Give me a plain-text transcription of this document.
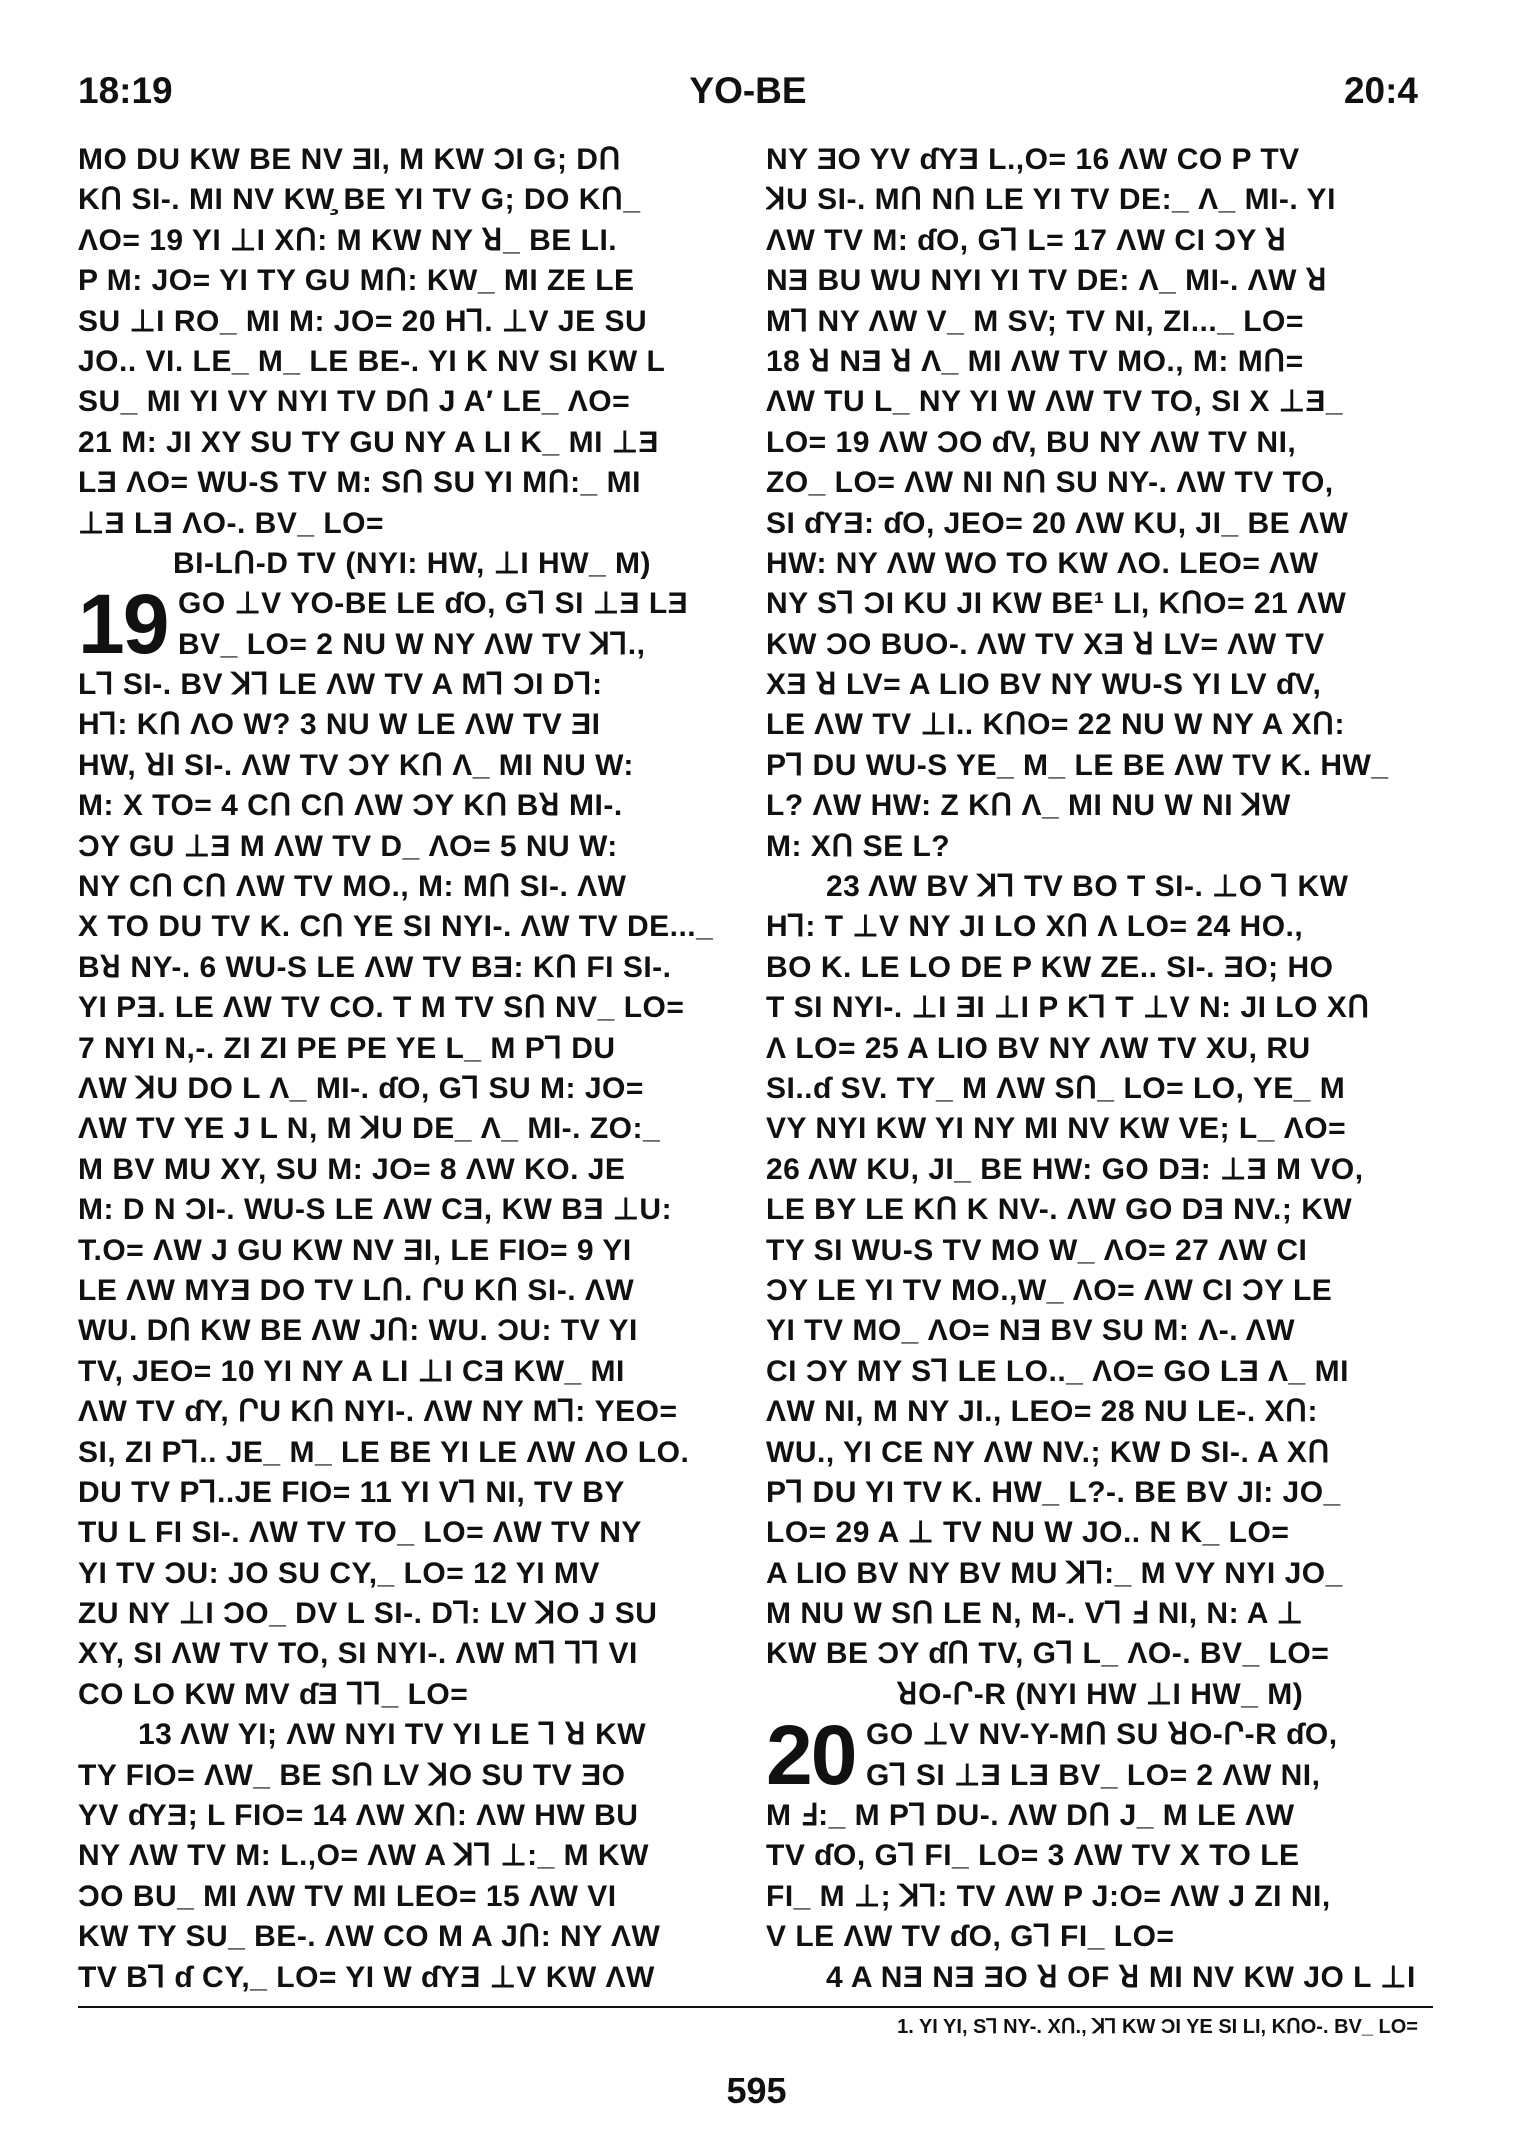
18:19	YO-BE	20:4
MO DU KW BE NV ƎI, M KW ƆI G; DՈ
KՈ SI-. MI NV KW̧ BE YI TV G; DO KՈ_
ΛO= 19 YI ⊥I XՈ: M KW NY ꓤ_ BE LI.
P M: JO= YI TY GU MՈ: KW_ MI ZE LE
SU ⊥I RO_ MI M: JO= 20 Hꓶ. ⊥V JE SU
JO.. VI. LE_ M_ LE BE-. YI K NV SI KW L
SU_ MI YI VY NYI TV DՈ J A′ LE_ ΛO=
21 M: JI XY SU TY GU NY A LI K_ MI ⊥Ǝ
LƎ ΛO= WU-S TV M: SՈ SU YI MՈ:_ MI
⊥Ǝ LƎ ΛO-. BV_ LO=
BI-LՈ-D TV (NYI: HW, ⊥I HW_ M)
19 GO ⊥V YO-BE LE ɗO, Gꓶ SI ⊥Ǝ LƎ
BV_ LO= 2 NU W NY ΛW TV ꓘꓶ.,
Lꓶ SI-. BV ꓘꓶ LE ΛW TV A Mꓶ ƆI Dꓶ:
Hꓶ: KՈ ΛO W? 3 NU W LE ΛW TV ƎI
HW, ꓤI SI-. ΛW TV ƆY KՈ Λ_ MI NU W:
M: X TO= 4 CՈ CՈ ΛW ƆY KՈ Bꓤ MI-.
ƆY GU ⊥Ǝ M ΛW TV D_ ΛO= 5 NU W:
NY CՈ CՈ ΛW TV MO., M: MՈ SI-. ΛW
X TO DU TV K. CՈ YE SI NYI-. ΛW TV DE..._
Bꓤ NY-. 6 WU-S LE ΛW TV BƎ: KՈ FI SI-.
YI PƎ. LE ΛW TV CO. T M TV SՈ NV_ LO=
7 NYI N,-. ZI ZI PE PE YE L_ M Pꓶ DU
ΛW ꓘU DO L Λ_ MI-. ɗO, Gꓶ SU M: JO=
ΛW TV YE J L N, M ꓘU DE_ Λ_ MI-. ZO:_
M BV MU XY, SU M: JO= 8 ΛW KO. JE
M: D N ƆI-. WU-S LE ΛW CƎ, KW BƎ ⊥U:
T.O= ΛW J GU KW NV ƎI, LE FIO= 9 YI
LE ΛW MYƎ DO TV LՈ. ՐU KՈ SI-. ΛW
WU. DՈ KW BE ΛW JՈ: WU. ƆU: TV YI
TV, JEO= 10 YI NY A LI ⊥I CƎ KW_ MI
ΛW TV ɗY, ՐU KՈ NYI-. ΛW NY Mꓶ: YEO=
SI, ZI Pꓶ.. JE_ M_ LE BE YI LE ΛW ΛO LO.
DU TV Pꓶ..JE FIO= 11 YI Vꓶ NI, TV BY
TU L FI SI-. ΛW TV TO_ LO= ΛW TV NY
YI TV ƆU: JO SU CY,_ LO= 12 YI MV
ZU NY ⊥I ƆO_ DV L SI-. Dꓶ: LV ꓘO J SU
XY, SI ΛW TV TO, SI NYI-. ΛW Mꓶ Ꞁꓶ VI
CO LO KW MV ɗƎ Ꞁꓶ_ LO=
13 ΛW YI; ΛW NYI TV YI LE ꓶ ꓤ KW
TY FIO= ΛW_ BE SՈ LV ꓘO SU TV ƎO
YV ɗYƎ; L FIO= 14 ΛW XՈ: ΛW HW BU
NY ΛW TV M: L.,O= ΛW A ꓘꓶ ⊥:_ M KW
ƆO BU_ MI ΛW TV MI LEO= 15 ΛW VI
KW TY SU_ BE-. ΛW CO M A JՈ: NY ΛW
TV Bꓶ ɗ CY,_ LO= YI W ɗYƎ ⊥V KW ΛW
NY ƎO YV ɗYƎ L.,O= 16 ΛW CO P TV
ꓘU SI-. MՈ NՈ LE YI TV DE:_ Λ_ MI-. YI
ΛW TV M: ɗO, Gꓶ L= 17 ΛW CI ƆY ꓤ
NƎ BU WU NYI YI TV DE: Λ_ MI-. ΛW ꓤ
Mꓶ NY ΛW V_ M SV; TV NI, ZI..._ LO=
18 ꓤ NƎ ꓤ Λ_ MI ΛW TV MO., M: MՈ=
ΛW TU L_ NY YI W ΛW TV TO, SI X ⊥Ǝ_
LO= 19 ΛW ƆO ɗV, BU NY ΛW TV NI,
ZO_ LO= ΛW NI NՈ SU NY-. ΛW TV TO,
SI ɗYƎ: ɗO, JEO= 20 ΛW KU, JI_ BE ΛW
HW: NY ΛW WO TO KW ΛO. LEO= ΛW
NY Sꓶ ƆI KU JI KW BE¹ LI, KՈO= 21 ΛW
KW ƆO BUO-. ΛW TV XƎ ꓤ LV= ΛW TV
XƎ ꓤ LV= A LIO BV NY WU-S YI LV ɗV,
LE ΛW TV ⊥I.. KՈO= 22 NU W NY A XՈ:
Pꓶ DU WU-S YE_ M_ LE BE ΛW TV K. HW_
L? ΛW HW: Z KՈ Λ_ MI NU W NI ꓘW
M: XՈ SE L?
23 ΛW BV ꓘꓶ TV BO T SI-. ⊥O ꓶ KW
Hꓶ: T ⊥V NY JI LO XՈ Λ LO= 24 HO.,
BO K. LE LO DE P KW ZE.. SI-. ƎO; HO
T SI NYI-. ⊥I ƎI ⊥I P Kꓶ T ⊥V N: JI LO XՈ
Λ LO= 25 A LIO BV NY ΛW TV XU, RU
SI..ɗ SV. TY_ M ΛW SՈ_ LO= LO, YE_ M
VY NYI KW YI NY MI NV KW VE; L_ ΛO=
26 ΛW KU, JI_ BE HW: GO DƎ: ⊥Ǝ M VO,
LE BY LE KՈ K NV-. ΛW GO DƎ NV.; KW
TY SI WU-S TV MO W_ ΛO= 27 ΛW CI
ƆY LE YI TV MO.,W_ ΛO= ΛW CI ƆY LE
YI TV MO_ ΛO= NƎ BV SU M: Λ-. ΛW
CI ƆY MY Sꓶ LE LO.._ ΛO= GO LƎ Λ_ MI
ΛW NI, M NY JI., LEO= 28 NU LE-. XՈ:
WU., YI CE NY ΛW NV.; KW D SI-. A XՈ
Pꓶ DU YI TV K. HW_ L?-. BE BV JI: JO_
LO= 29 A ⊥ TV NU W JO.. N K_ LO=
A LIO BV NY BV MU ꓘꓶ:_ M VY NYI JO_
M NU W SՈ LE N, M-. Vꓶ Ⅎ NI, N: A ⊥
KW BE ƆY ɗՈ TV, Gꓶ L_ ΛO-. BV_ LO=
ꓤO-Ր-R (NYI HW ⊥I HW_ M)
20 GO ⊥V NV-Y-MՈ SU ꓤO-Ր-R ɗO,
Gꓶ SI ⊥Ǝ LƎ BV_ LO= 2 ΛW NI,
M Ⅎ:_ M Pꓶ DU-. ΛW DՈ J_ M LE ΛW
TV ɗO, Gꓶ FI_ LO= 3 ΛW TV X TO LE
FI_ M ⊥; ꓘꓶ: TV ΛW P J:O= ΛW J ZI NI,
V LE ΛW TV ɗO, Gꓶ FI_ LO=
4 A NƎ NƎ ƎO ꓤ OF ꓤ MI NV KW JO L ⊥I
1. YI YI, Sꓶ NY-. XՈ., ꓘꓶ KW ƆI YE SI LI, KՈO-. BV_ LO=
595
